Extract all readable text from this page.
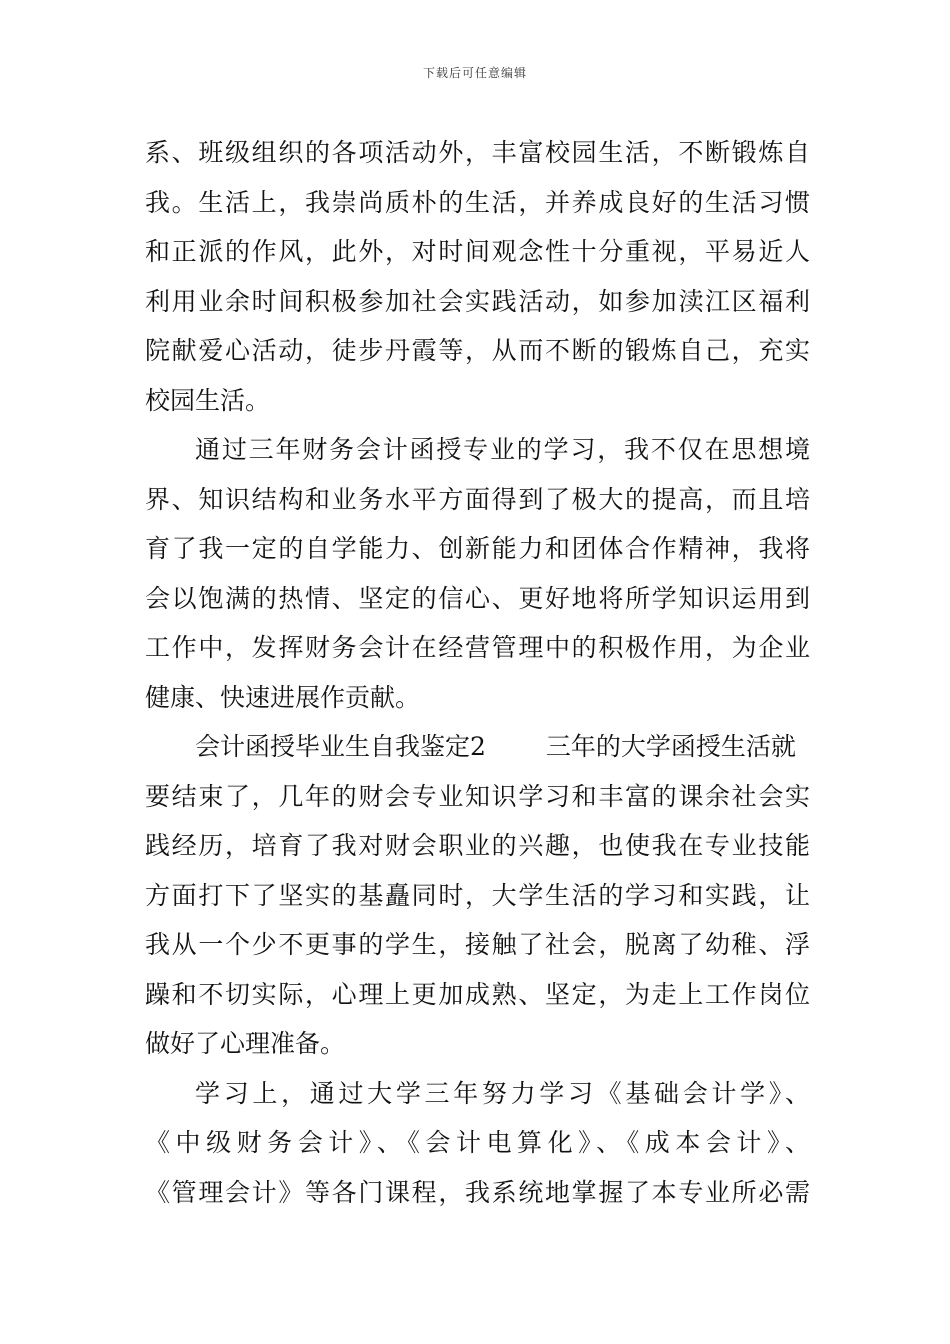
下载后可任意编辑
系、班级组织的各项活动外，丰富校园生活，不断锻炼自
我。生活上，我崇尚质朴的生活，并养成良好的生活习惯
和正派的作风，此外，对时间观念性十分重视，平易近人
利用业余时间积极参加社会实践活动，如参加渎江区福利
院献爱心活动，徒步丹霞等，从而不断的锻炼自己，充实
校园生活。
通过三年财务会计函授专业的学习，我不仅在思想境
界、知识结构和业务水平方面得到了极大的提高，而且培
育了我一定的自学能力、创新能力和团体合作精神，我将
会以饱满的热情、坚定的信心、更好地将所学知识运用到
工作中，发挥财务会计在经营管理中的积极作用，为企业
健康、快速进展作贡献。
会计函授毕业生自我鉴定2 三年的大学函授生活就
要结束了，几年的财会专业知识学习和丰富的课余社会实
践经历，培育了我对财会职业的兴趣，也使我在专业技能
方面打下了坚实的基矗同时，大学生活的学习和实践，让
我从一个少不更事的学生，接触了社会，脱离了幼稚、浮
躁和不切实际，心理上更加成熟、坚定，为走上工作岗位
做好了心理准备。
学习上，通过大学三年努力学习《基础会计学》、
《中级财务会计》、《会计电算化》、《成本会计》、
《管理会计》等各门课程，我系统地掌握了本专业所必需
